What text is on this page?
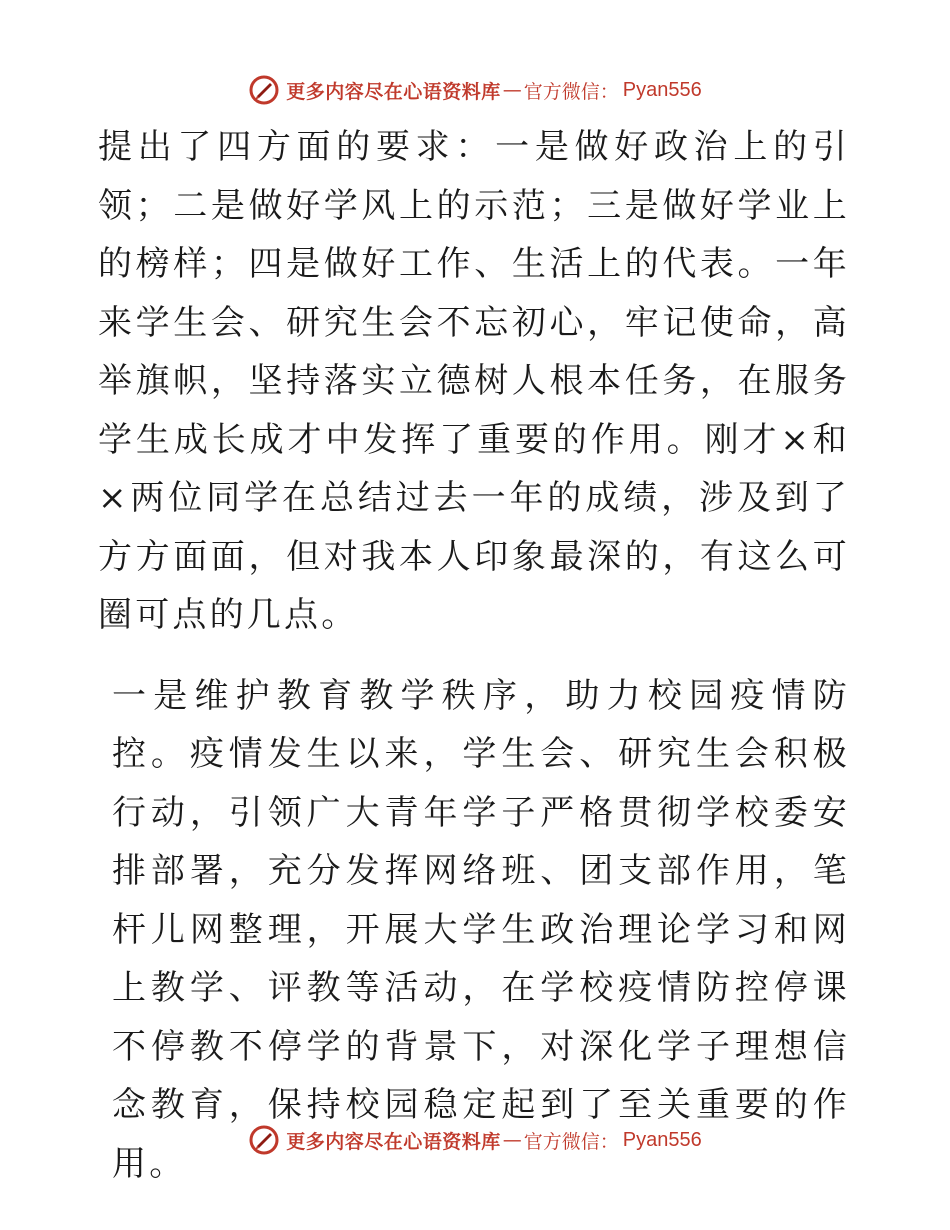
更多内容尽在心语资料库 — 官方微信： Pyan556

提出了四方面的要求：一是做好政治上的引领；二是做好学风上的示范；三是做好学业上的榜样；四是做好工作、生活上的代表。一年来学生会、研究生会不忘初心，牢记使命，高举旗帜，坚持落实立德树人根本任务，在服务学生成长成才中发挥了重要的作用。刚才×和×两位同学在总结过去一年的成绩，涉及到了方方面面，但对我本人印象最深的，有这么可圈可点的几点。

一是维护教育教学秩序，助力校园疫情防控。疫情发生以来，学生会、研究生会积极行动，引领广大青年学子严格贯彻学校委安排部署，充分发挥网络班、团支部作用，笔杆儿网整理，开展大学生政治理论学习和网上教学、评教等活动，在学校疫情防控停课不停教不停学的背景下，对深化学子理想信念教育，保持校园稳定起到了至关重要的作用。

更多内容尽在心语资料库 — 官方微信： Pyan556
